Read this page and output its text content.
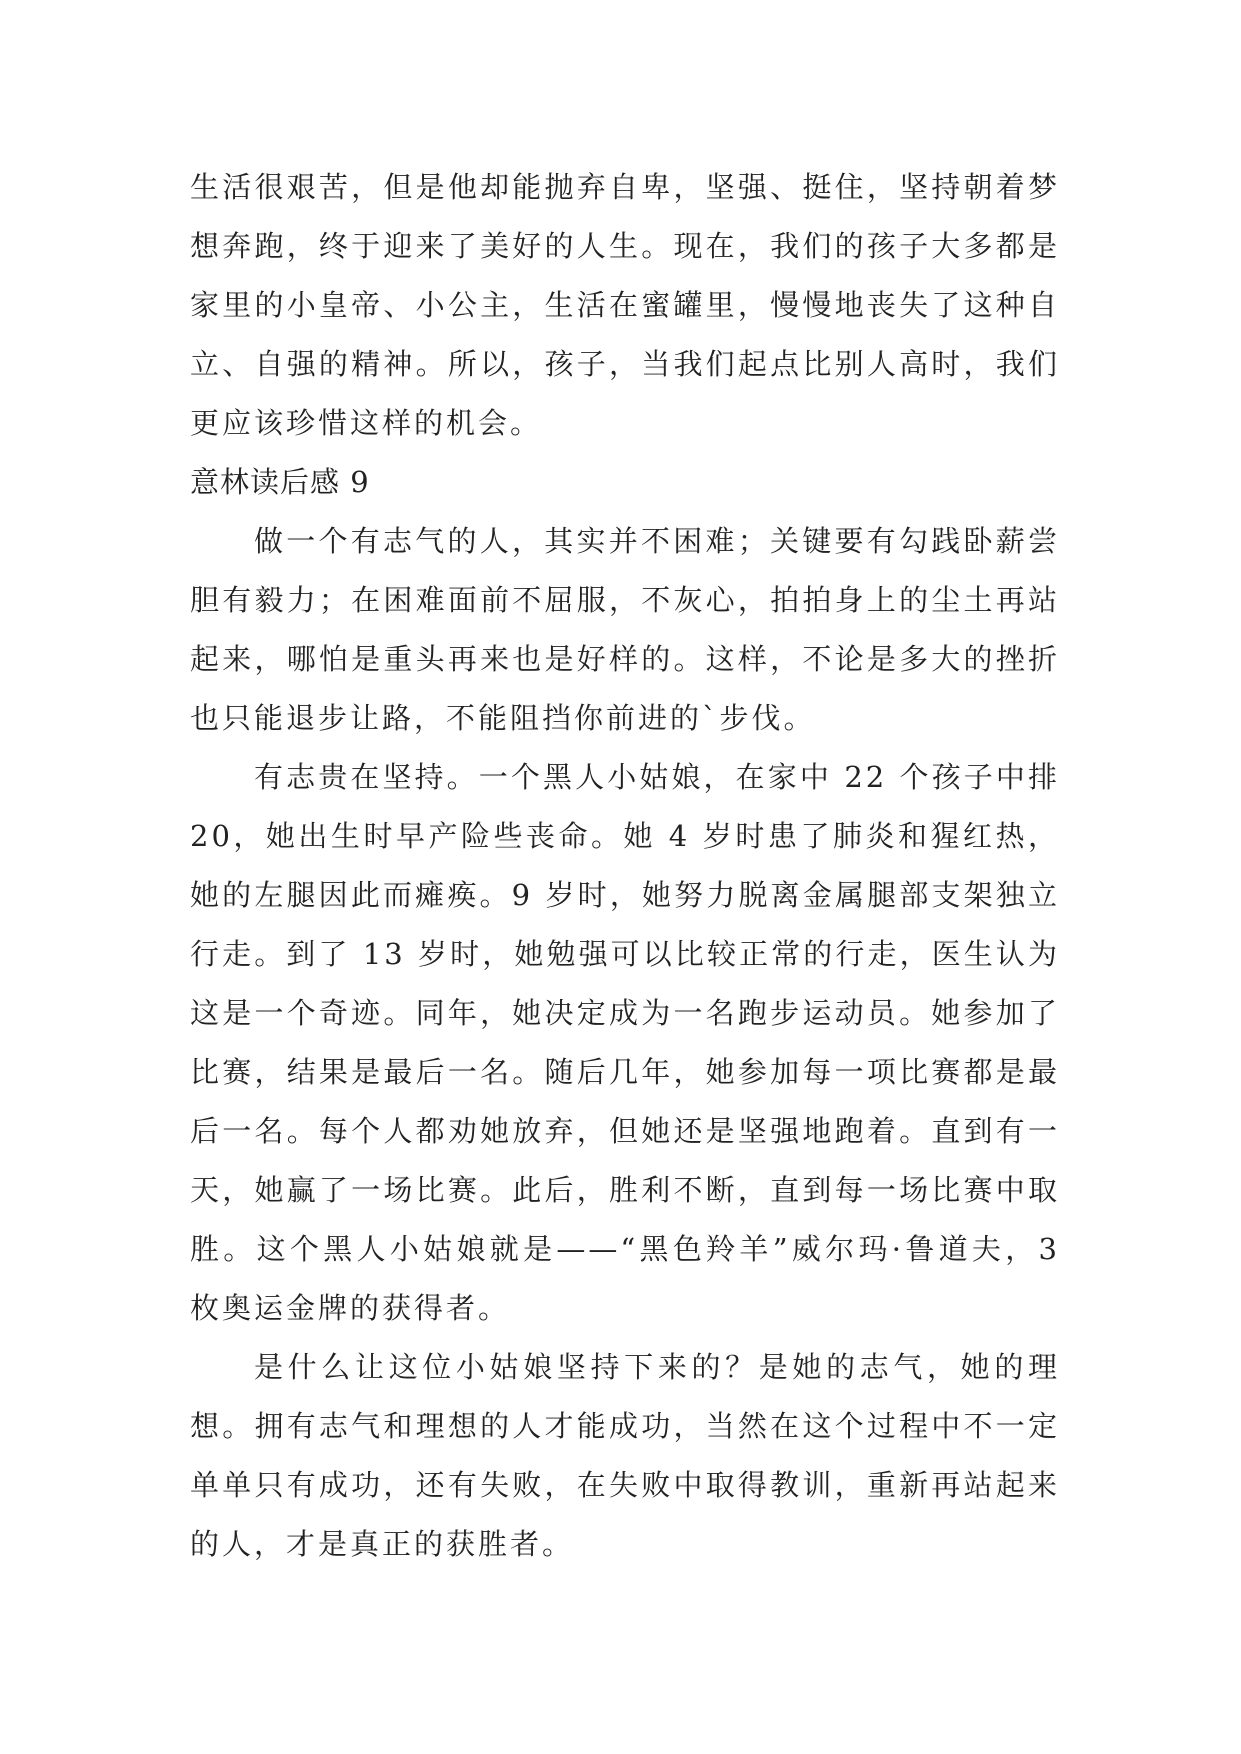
生活很艰苦，但是他却能抛弃自卑，坚强、挺住，坚持朝着梦想奔跑，终于迎来了美好的人生。现在，我们的孩子大多都是家里的小皇帝、小公主，生活在蜜罐里，慢慢地丧失了这种自立、自强的精神。所以，孩子，当我们起点比别人高时，我们更应该珍惜这样的机会。

意林读后感 9

做一个有志气的人，其实并不困难；关键要有勾践卧薪尝胆有毅力；在困难面前不屈服，不灰心，拍拍身上的尘土再站起来，哪怕是重头再来也是好样的。这样，不论是多大的挫折也只能退步让路，不能阻挡你前进的`步伐。

有志贵在坚持。一个黑人小姑娘，在家中 22 个孩子中排 20，她出生时早产险些丧命。她 4 岁时患了肺炎和猩红热，她的左腿因此而瘫痪。9 岁时，她努力脱离金属腿部支架独立行走。到了 13 岁时，她勉强可以比较正常的行走，医生认为这是一个奇迹。同年，她决定成为一名跑步运动员。她参加了比赛，结果是最后一名。随后几年，她参加每一项比赛都是最后一名。每个人都劝她放弃，但她还是坚强地跑着。直到有一天，她赢了一场比赛。此后，胜利不断，直到每一场比赛中取胜。这个黑人小姑娘就是——“黑色羚羊”威尔玛·鲁道夫，3 枚奥运金牌的获得者。

是什么让这位小姑娘坚持下来的？是她的志气，她的理想。拥有志气和理想的人才能成功，当然在这个过程中不一定单单只有成功，还有失败，在失败中取得教训，重新再站起来的人，才是真正的获胜者。
